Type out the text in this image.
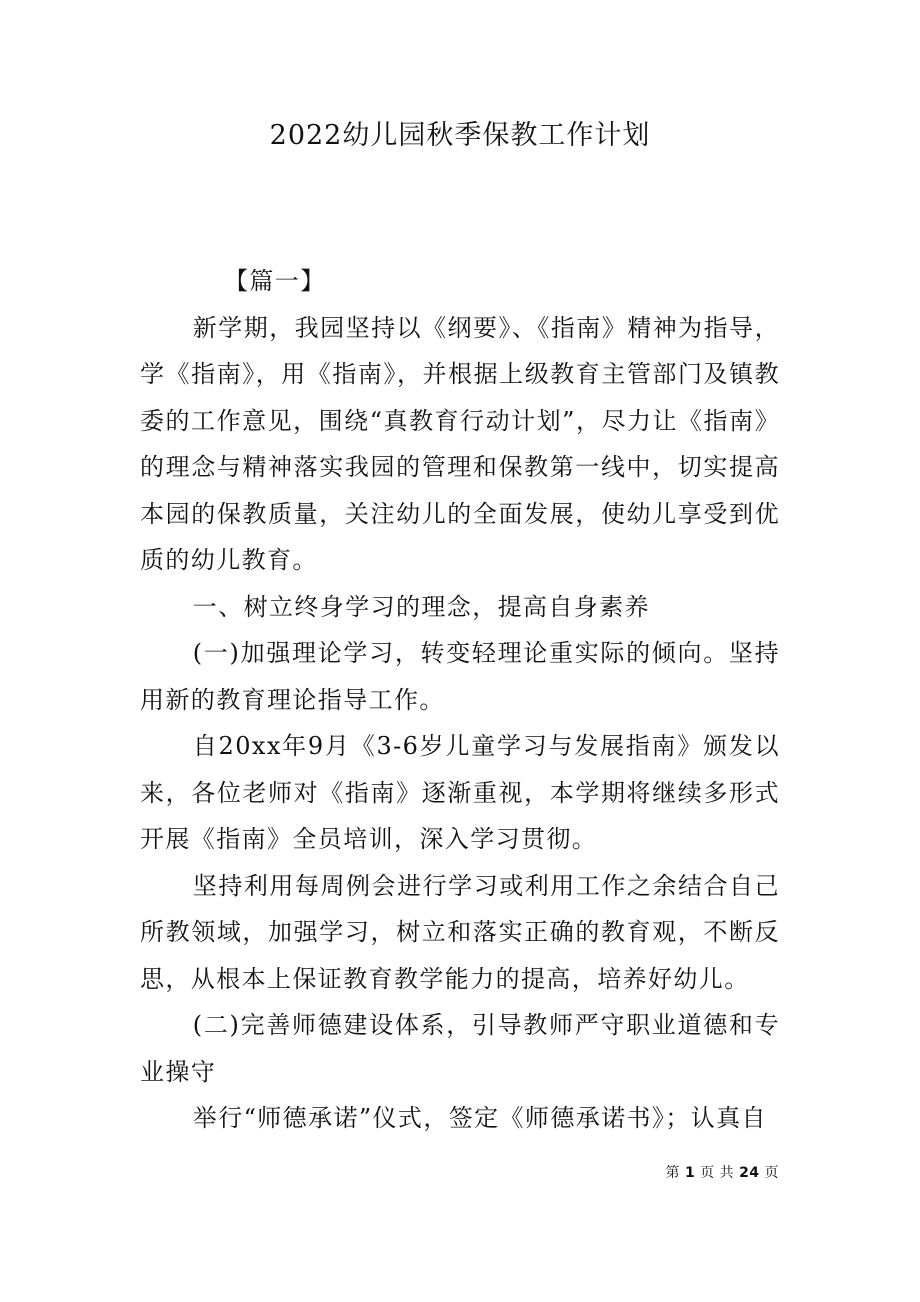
2022幼儿园秋季保教工作计划

【篇一】

新学期，我园坚持以《纲要》、《指南》精神为指导，学《指南》，用《指南》，并根据上级教育主管部门及镇教委的工作意见，围绕“真教育行动计划”，尽力让《指南》的理念与精神落实我园的管理和保教第一线中，切实提高本园的保教质量，关注幼儿的全面发展，使幼儿享受到优质的幼儿教育。

一、树立终身学习的理念，提高自身素养

(一)加强理论学习，转变轻理论重实际的倾向。坚持用新的教育理论指导工作。

自20xx年9月《3-6岁儿童学习与发展指南》颁发以来，各位老师对《指南》逐渐重视，本学期将继续多形式开展《指南》全员培训，深入学习贯彻。

坚持利用每周例会进行学习或利用工作之余结合自己所教领域，加强学习，树立和落实正确的教育观，不断反思，从根本上保证教育教学能力的提高，培养好幼儿。

(二)完善师德建设体系，引导教师严守职业道德和专业操守

举行“师德承诺”仪式，签定《师德承诺书》；认真自

第 1 页 共 24 页
